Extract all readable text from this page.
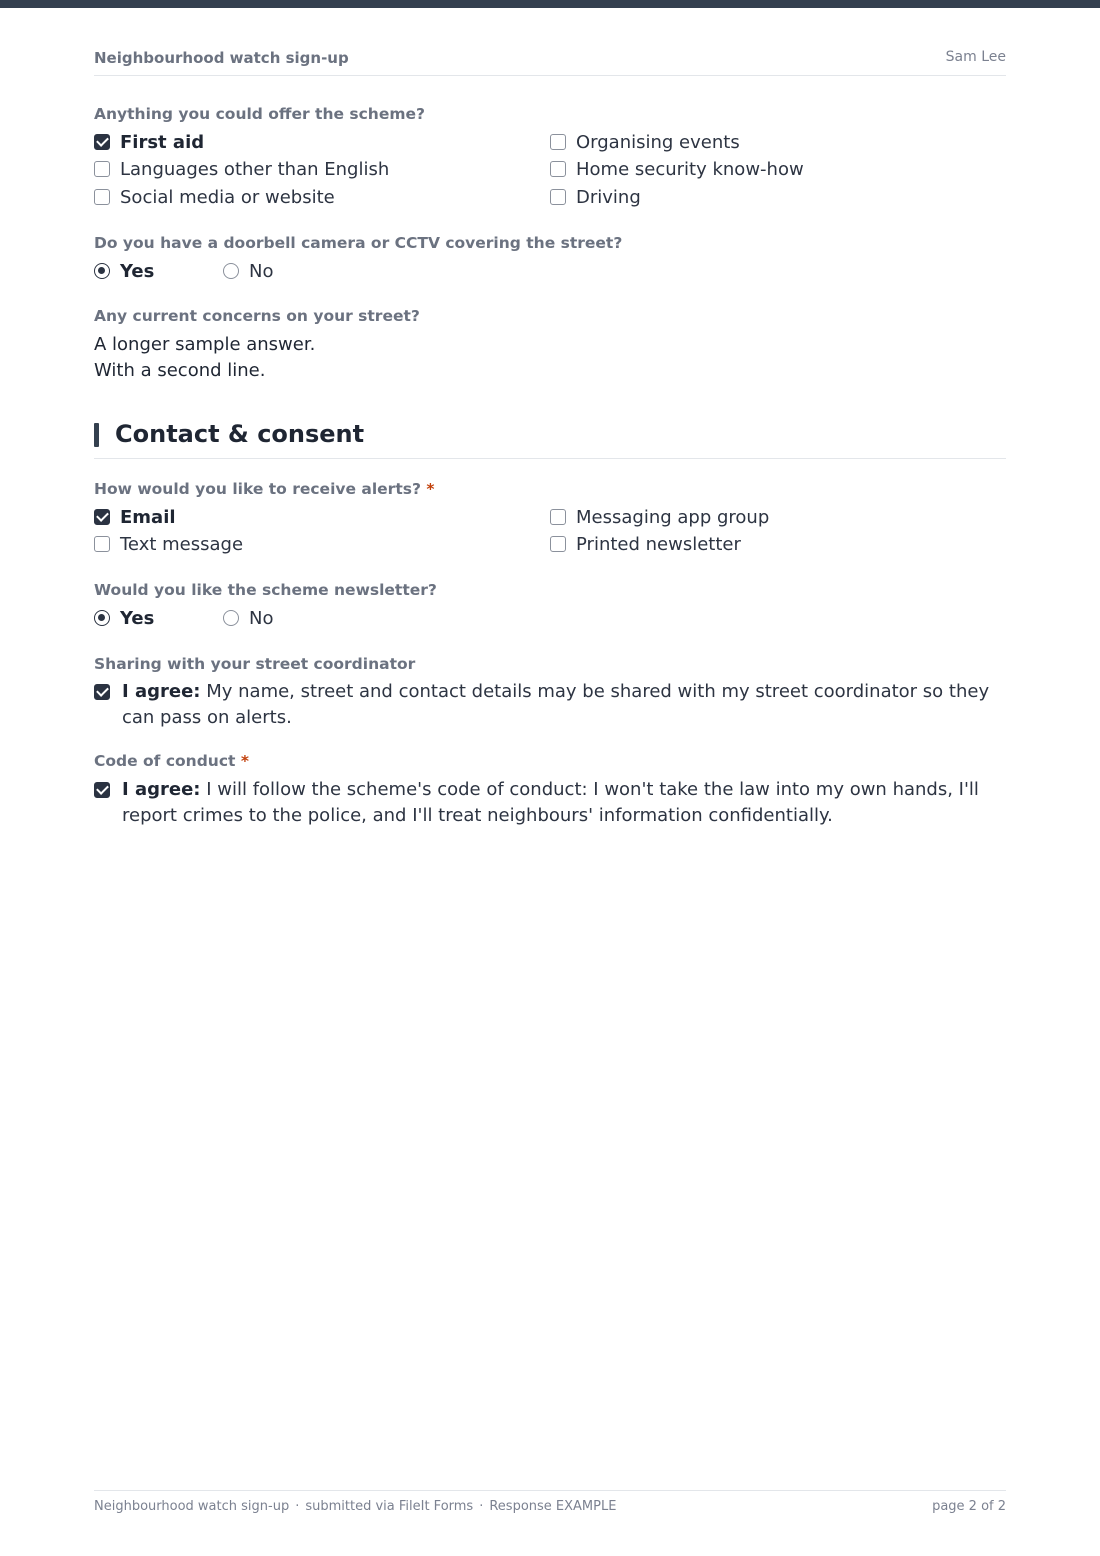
Neighbourhood watch sign-up	Sam Lee
Anything you could offer the scheme?
First aid	Organising events
Languages other than English	Home security know-how
Social media or website	Driving
Do you have a doorbell camera or CCTV covering the street?
Yes	No
Any current concerns on your street?
A longer sample answer.
With a second line.
Contact & consent
How would you like to receive alerts? *
Email	Messaging app group
Text message	Printed newsletter
Would you like the scheme newsletter?
Yes	No
Sharing with your street coordinator
I agree: My name, street and contact details may be shared with my street coordinator so they can pass on alerts.
Code of conduct *
I agree: I will follow the scheme's code of conduct: I won't take the law into my own hands, I'll report crimes to the police, and I'll treat neighbours' information confidentially.
Neighbourhood watch sign-up · submitted via FileIt Forms · Response EXAMPLE	page 2 of 2
